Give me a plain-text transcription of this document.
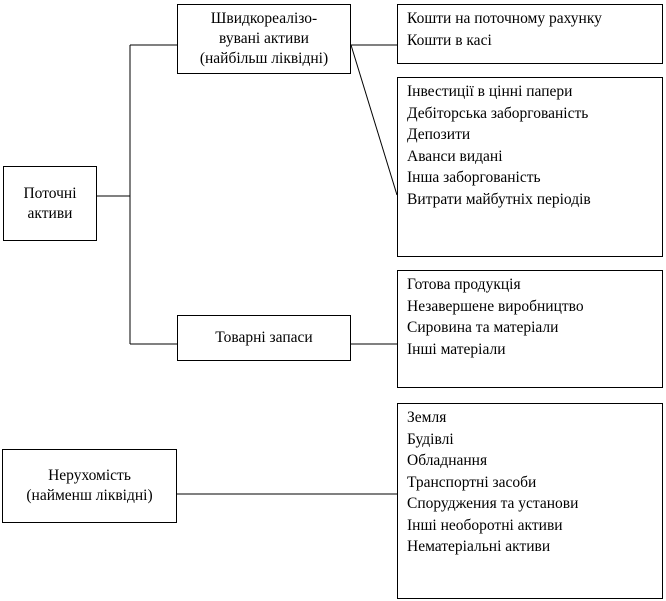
Поточні
активи
Швидкореалізо-
вувані активи
(найбільш ліквідні)
Товарні запаси
Нерухомість
(найменш ліквідні)
Кошти на поточному рахунку
Кошти в касі
Інвестиції в цінні папери
Дебіторська заборгованість
Депозити
Аванси видані
Інша заборгованість
Витрати майбутніх періодів
Готова продукція
Незавершене виробництво
Сировина та матеріали
Інші матеріали
Земля
Будівлі
Обладнання
Транспортні засоби
Споруджения та установи
Інші необоротні активи
Нематеріальні активи
